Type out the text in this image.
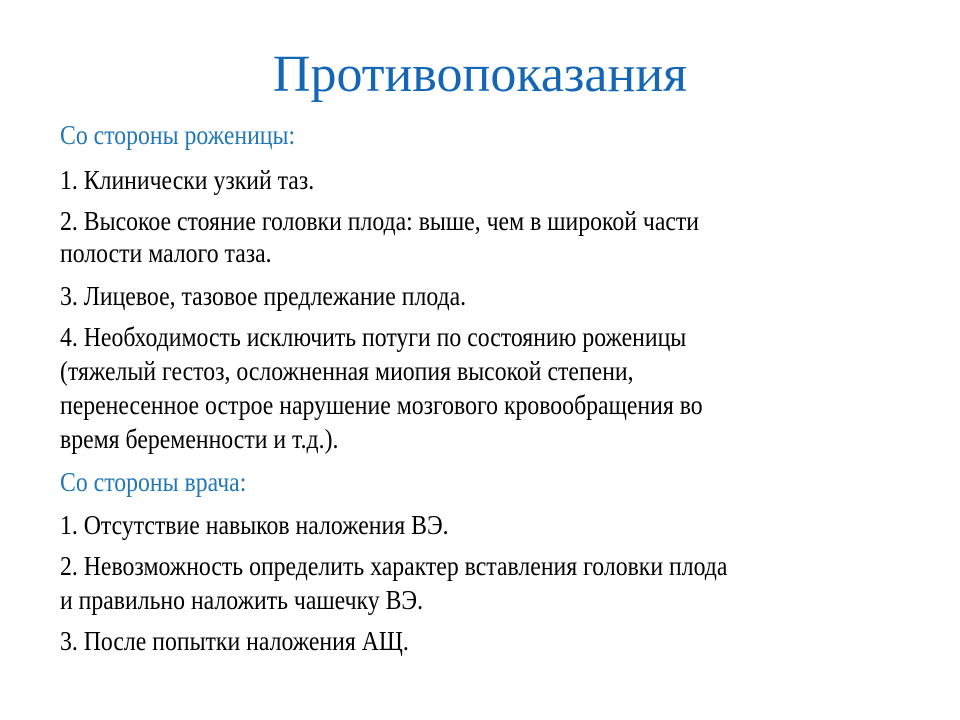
Противопоказания
Со стороны роженицы:
1. Клинически узкий таз.
2. Высокое стояние головки плода: выше, чем в широкой части
полости малого таза.
3. Лицевое, тазовое предлежание плода.
4. Необходимость исключить потуги по состоянию роженицы
(тяжелый гестоз, осложненная миопия высокой степени,
перенесенное острое нарушение мозгового кровообращения во
время беременности и т.д.).
Со стороны врача:
1. Отсутствие навыков наложения ВЭ.
2. Невозможность определить характер вставления головки плода
и правильно наложить чашечку ВЭ.
3. После попытки наложения АЩ.
